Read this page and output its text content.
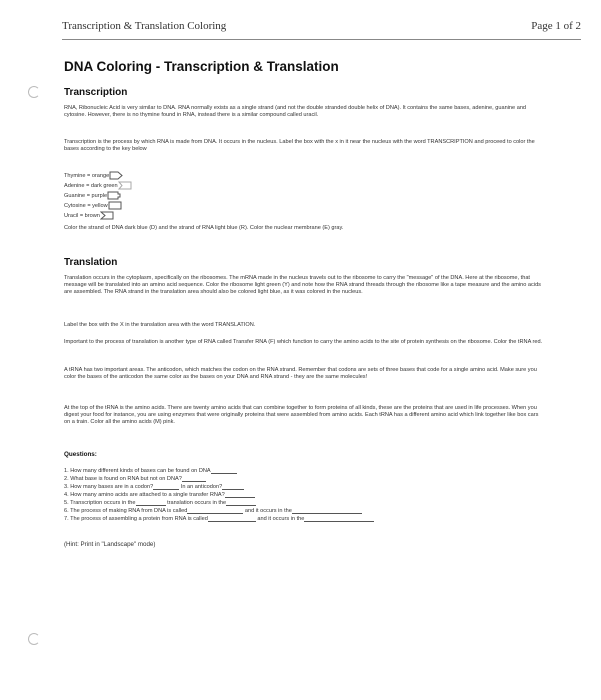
Transcription & Translation Coloring	Page 1 of 2
DNA Coloring - Transcription & Translation
Transcription

RNA, Ribonucleic Acid is very similar to DNA. RNA normally exists as a single strand (and not the double stranded double helix of DNA). It contains the same bases, adenine, guanine and cytosine. However, there is no thymine found in RNA, instead there is a similar compound called uracil.

Transcription is the process by which RNA is made from DNA. It occurs in the nucleus. Label the box with the x in it near the nucleus with the word TRANSCRIPTION and proceed to color the bases according to the key below

Thymine = orange
Adenine = dark green
Guanine = purple
Cytosine = yellow
Uracil = brown

Color the strand of DNA dark blue (D) and the strand of RNA light blue (R). Color the nuclear membrane (E) gray.

Translation

Translation occurs in the cytoplasm, specifically on the ribosomes. The mRNA made in the nucleus travels out to the ribosome to carry the "message" of the DNA. Here at the ribosome, that message will be translated into an amino acid sequence. Color the ribosome light green (Y) and note how the RNA strand threads through the ribosome like a tape measure and the amino acids are assembled. The RNA strand in the translation area should also be colored light blue, as it was colored in the nucleus.

Label the box with the X in the translation area with the word TRANSLATION.

Important to the process of translation is another type of RNA called Transfer RNA (F) which function to carry the amino acids to the site of protein synthesis on the ribosome. Color the tRNA red.

A tRNA has two important areas. The anticodon, which matches the codon on the RNA strand. Remember that codons are sets of three bases that code for a single amino acid. Make sure you color the bases of the anticodon the same color as the bases on your DNA and RNA strand - they are the same molecules!

At the top of the tRNA is the amino acids. There are twenty amino acids that can combine together to form proteins of all kinds, these are the proteins that are used in life processes. When you digest your food for instance, you are using enzymes that were originally proteins that were assembled from amino acids. Each tRNA has a different amino acid which link together like box cars on a train. Color all the amino acids (M) pink.

Questions:
1. How many different kinds of bases can be found on DNA
2. What base is found on RNA but not on DNA?
3. How many bases are in a codon?	In an anticodon?
4. How many amino acids are attached to a single transfer RNA?
5. Transcription occurs in the	translation occurs in the
6. The process of making RNA from DNA is called	and it occurs in the
7. The process of assembling a protein from RNA is called	and it occurs in the
(Hint: Print in "Landscape" mode)
